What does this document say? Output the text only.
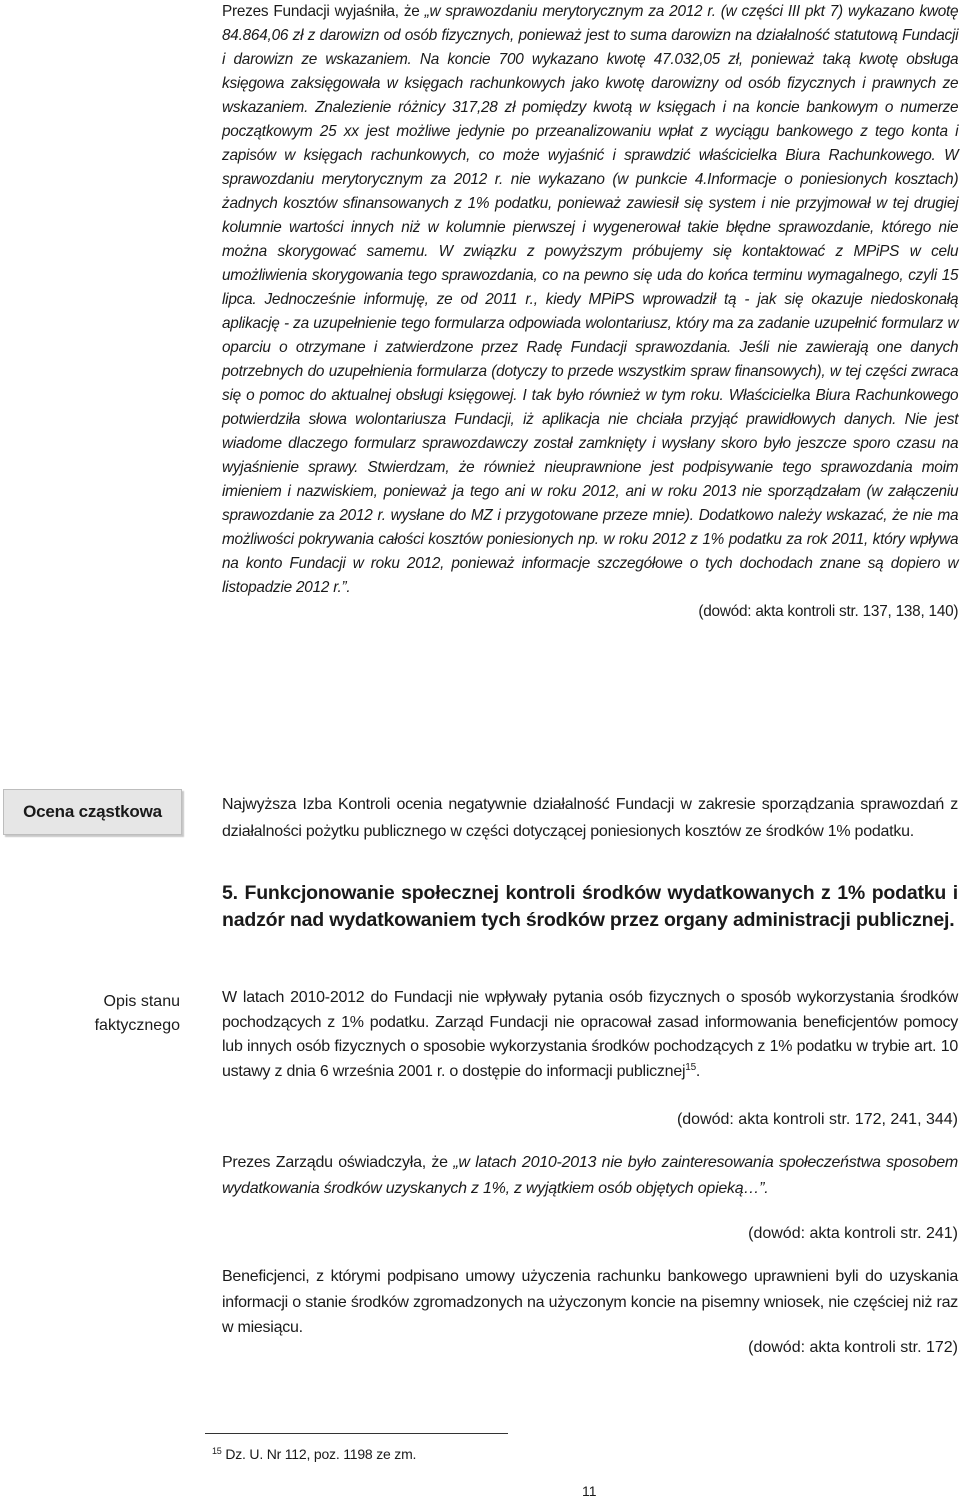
Prezes Fundacji wyjaśniła, że „w sprawozdaniu merytorycznym za 2012 r. (w części III pkt 7) wykazano kwotę 84.864,06 zł z darowizn od osób fizycznych, ponieważ jest to suma darowizn na działalność statutową Fundacji i darowizn ze wskazaniem. Na koncie 700 wykazano kwotę 47.032,05 zł, ponieważ taką kwotę obsługa księgowa zaksięgowała w księgach rachunkowych jako kwotę darowizny od osób fizycznych i prawnych ze wskazaniem. Znalezienie różnicy 317,28 zł pomiędzy kwotą w księgach i na koncie bankowym o numerze początkowym 25 xx jest możliwe jedynie po przeanalizowaniu wpłat z wyciągu bankowego z tego konta i zapisów w księgach rachunkowych, co może wyjaśnić i sprawdzić właścicielka Biura Rachunkowego. W sprawozdaniu merytorycznym za 2012 r. nie wykazano (w punkcie 4.Informacje o poniesionych kosztach) żadnych kosztów sfinansowanych z 1% podatku, ponieważ zawiesił się system i nie przyjmował w tej drugiej kolumnie wartości innych niż w kolumnie pierwszej i wygenerował takie błędne sprawozdanie, którego nie można skorygować samemu. W związku z powyższym próbujemy się kontaktować z MPiPS w celu umożliwienia skorygowania tego sprawozdania, co na pewno się uda do końca terminu wymagalnego, czyli 15 lipca. Jednocześnie informuję, ze od 2011 r., kiedy MPiPS wprowadził tą - jak się okazuje niedoskonałą aplikację - za uzupełnienie tego formularza odpowiada wolontariusz, który ma za zadanie uzupełnić formularz w oparciu o otrzymane i zatwierdzone przez Radę Fundacji sprawozdania. Jeśli nie zawierają one danych potrzebnych do uzupełnienia formularza (dotyczy to przede wszystkim spraw finansowych), w tej części zwraca się o pomoc do aktualnej obsługi księgowej. I tak było również w tym roku. Właścicielka Biura Rachunkowego potwierdziła słowa wolontariusza Fundacji, iż aplikacja nie chciała przyjąć prawidłowych danych. Nie jest wiadome dlaczego formularz sprawozdawczy został zamknięty i wysłany skoro było jeszcze sporo czasu na wyjaśnienie sprawy. Stwierdzam, że również nieuprawnione jest podpisywanie tego sprawozdania moim imieniem i nazwiskiem, ponieważ ja tego ani w roku 2012, ani w roku 2013 nie sporządzałam (w załączeniu sprawozdanie za 2012 r. wysłane do MZ i przygotowane przeze mnie). Dodatkowo należy wskazać, że nie ma możliwości pokrywania całości kosztów poniesionych np. w roku 2012 z 1% podatku za rok 2011, który wpływa na konto Fundacji w roku 2012, ponieważ informacje szczegółowe o tych dochodach znane są dopiero w listopadzie 2012 r.”.
(dowód: akta kontroli str. 137, 138, 140)
Ocena cząstkowa	Najwyższa Izba Kontroli ocenia negatywnie działalność Fundacji w zakresie sporządzania sprawozdań z działalności pożytku publicznego w części dotyczącej poniesionych kosztów ze środków 1% podatku.
5. Funkcjonowanie społecznej kontroli środków wydatkowanych z 1% podatku i nadzór nad wydatkowaniem tych środków przez organy administracji publicznej.
Opis stanu
faktycznego
W latach 2010-2012 do Fundacji nie wpływały pytania osób fizycznych o sposób wykorzystania środków pochodzących z 1% podatku. Zarząd Fundacji nie opracował zasad informowania beneficjentów pomocy lub innych osób fizycznych o sposobie wykorzystania środków pochodzących z 1% podatku w trybie art. 10 ustawy z dnia 6 września 2001 r. o dostępie do informacji publicznej$^{15}$.
(dowód: akta kontroli str. 172, 241, 344)
Prezes Zarządu oświadczyła, że „w latach 2010-2013 nie było zainteresowania społeczeństwa sposobem wydatkowania środków uzyskanych z 1%, z wyjątkiem osób objętych opieką…”.
(dowód: akta kontroli str. 241)
Beneficjenci, z którymi podpisano umowy użyczenia rachunku bankowego uprawnieni byli do uzyskania informacji o stanie środków zgromadzonych na użyczonym koncie na pisemny wniosek, nie częściej niż raz w miesiącu.
(dowód: akta kontroli str. 172)
$^{15}$ Dz. U. Nr 112, poz. 1198 ze zm.
11
